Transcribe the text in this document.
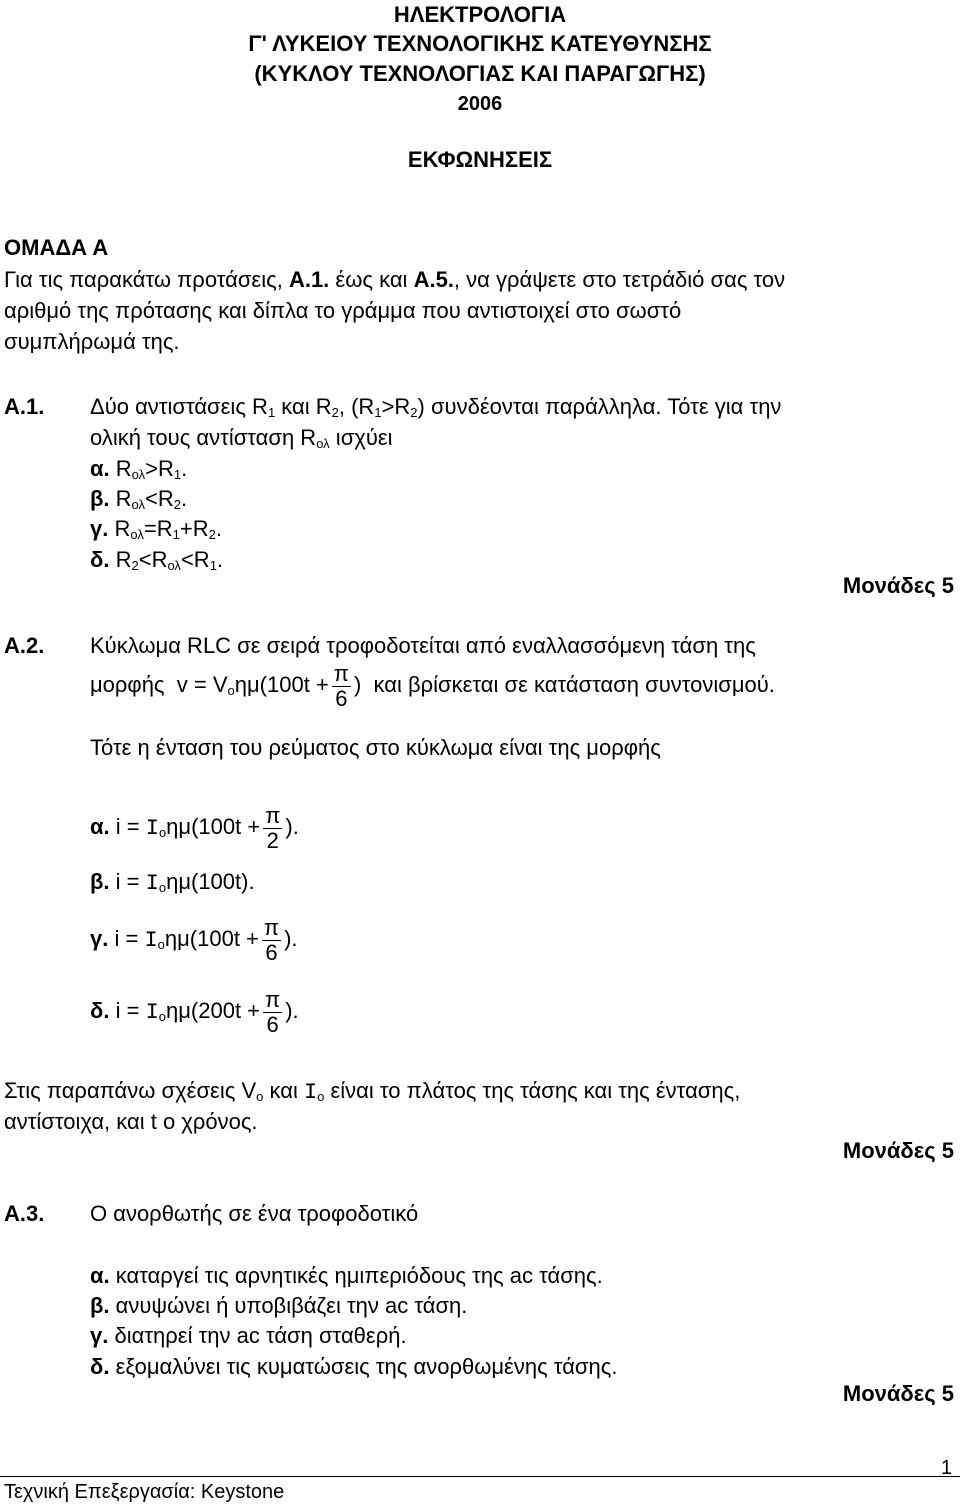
ΗΛΕΚΤΡΟΛΟΓΙΑ
Γ' ΛΥΚΕΙΟΥ ΤΕΧΝΟΛΟΓΙΚΗΣ ΚΑΤΕΥΘΥΝΣΗΣ
(ΚΥΚΛΟΥ ΤΕΧΝΟΛΟΓΙΑΣ ΚΑΙ ΠΑΡΑΓΩΓΗΣ)
2006
ΕΚΦΩΝΗΣΕΙΣ
ΟΜΑΔΑ Α
Για τις παρακάτω προτάσεις, Α.1. έως και Α.5., να γράψετε στο τετράδιό σας τον
αριθμό της πρότασης και δίπλα το γράμμα που αντιστοιχεί στο σωστό
συμπλήρωμά της.
Α.1. Δύο αντιστάσεις $R_1$ και $R_2$, $(R_1>R_2)$ συνδέονται παράλληλα. Τότε για την
ολική τους αντίσταση $R_{o\lambda}$ ισχύει
α. $R_{o\lambda}>R_1$.
β. $R_{o\lambda}<R_2$.
γ. $R_{o\lambda}=R_1+R_2$.
δ. $R_2<R_{o\lambda}<R_1$.
Μονάδες 5
Α.2. Κύκλωμα RLC σε σειρά τροφοδοτείται από εναλλασσόμενη τάση της
μορφής $v = V_o\eta\mu(100t + \frac{\pi}{6}$ ) και βρίσκεται σε κατάσταση συντονισμού.
Τότε η ένταση του ρεύματος στο κύκλωμα είναι της μορφής
α. $i = I_o\eta\mu(100t + \frac{\pi}{2}$ ).
β. $i = I_o\eta\mu(100t)$.
γ. $i = I_o\eta\mu(100t + \frac{\pi}{6}$ ).
δ. $i = I_o\eta\mu(200t + \frac{\pi}{6}$ ).
Στις παραπάνω σχέσεις $V_o$ και $I_o$ είναι το πλάτος της τάσης και της έντασης,
αντίστοιχα, και t ο χρόνος.
Μονάδες 5
Α.3. Ο ανορθωτής σε ένα τροφοδοτικό
α. καταργεί τις αρνητικές ημιπεριόδους της ac τάσης.
β. ανυψώνει ή υποβιβάζει την ac τάση.
γ. διατηρεί την ac τάση σταθερή.
δ. εξομαλύνει τις κυματώσεις της ανορθωμένης τάσης.
Μονάδες 5
Τεχνική Επεξεργασία: Keystone
1
